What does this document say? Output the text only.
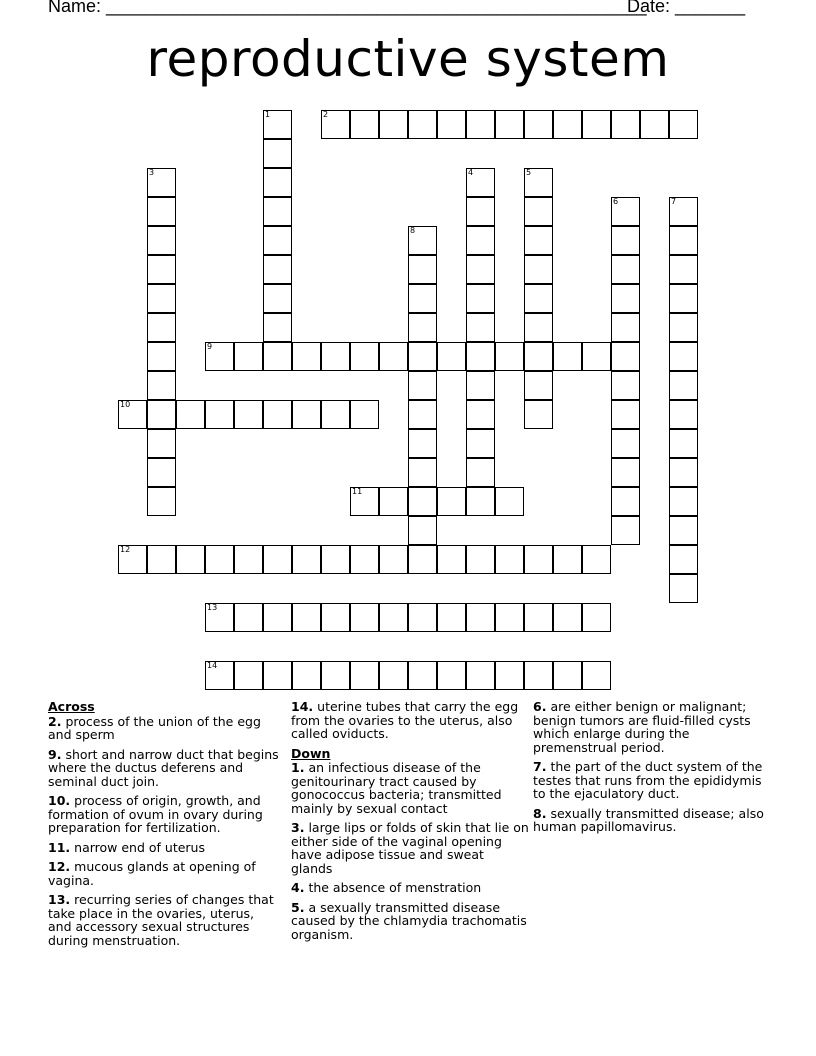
Name: ______________________________________________________
Date: _______
reproductive system
1	2
3	4	5
6	7
8
9
10
11
12
13
14
Across
2. process of the union of the egg and sperm
9. short and narrow duct that begins where the ductus deferens and seminal duct join.
10. process of origin, growth, and formation of ovum in ovary during preparation for fertilization.
11. narrow end of uterus
12. mucous glands at opening of vagina.
13. recurring series of changes that take place in the ovaries, uterus, and accessory sexual structures during menstruation.
14. uterine tubes that carry the egg from the ovaries to the uterus, also called oviducts.
Down
1. an infectious disease of the genitourinary tract caused by gonococcus bacteria; transmitted mainly by sexual contact
3. large lips or folds of skin that lie on either side of the vaginal opening have adipose tissue and sweat glands
4. the absence of menstration
5. a sexually transmitted disease caused by the chlamydia trachomatis organism.
6. are either benign or malignant; benign tumors are fluid-filled cysts which enlarge during the premenstrual period.
7. the part of the duct system of the testes that runs from the epididymis to the ejaculatory duct.
8. sexually transmitted disease; also human papillomavirus.
